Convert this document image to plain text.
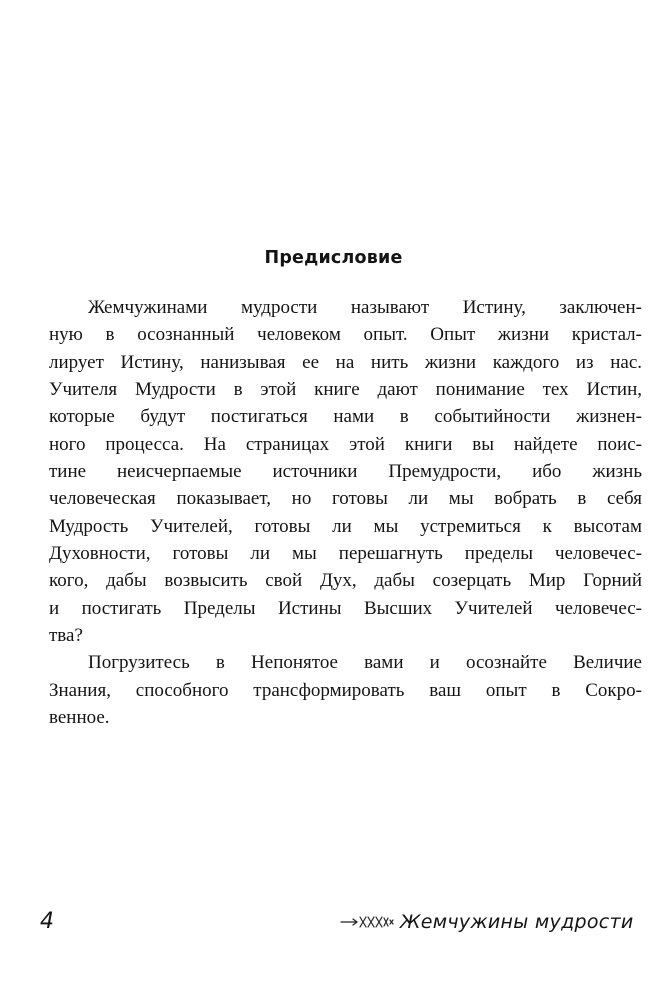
Предисловие
Жемчужинами мудрости называют Истину, заключен-
ную в осознанный человеком опыт. Опыт жизни кристал-
лирует Истину, нанизывая ее на нить жизни каждого из нас.
Учителя Мудрости в этой книге дают понимание тех Истин,
которые будут постигаться нами в событийности жизнен-
ного процесса. На страницах этой книги вы найдете поис-
тине неисчерпаемые источники Премудрости, ибо жизнь
человеческая показывает, но готовы ли мы вобрать в себя
Мудрость Учителей, готовы ли мы устремиться к высотам
Духовности, готовы ли мы перешагнуть пределы человечес-
кого, дабы возвысить свой Дух, дабы созерцать Мир Горний
и постигать Пределы Истины Высших Учителей человечес-
тва?
Погрузитесь в Непонятое вами и осознайте Величие
Знания, способного трансформировать ваш опыт в Сокро-
венное.
4	Жемчужины мудрости
